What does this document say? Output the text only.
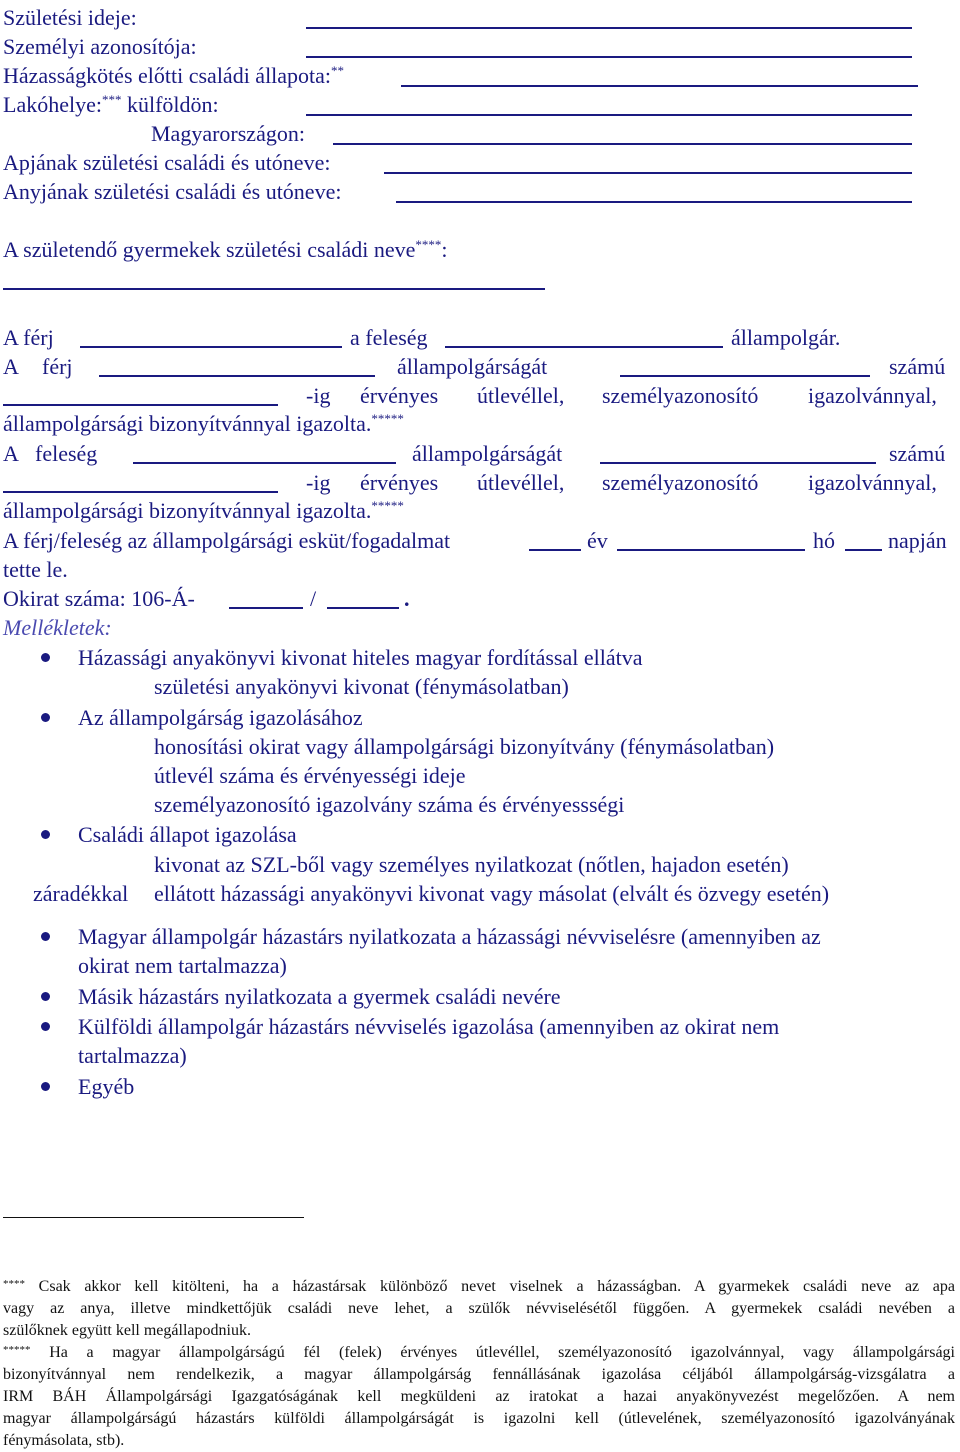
Születési ideje:
Személyi azonosítója:
Házasságkötés előtti családi állapota:**
Lakóhelye:*** külföldön:
Magyarországon:
Apjának születési családi és utóneve:
Anyjának születési családi és utóneve:
A születendő gyermekek születési családi neve****:
A férj	a feleség	állampolgár.
A férj	állampolgárságát	számú
-ig érvényes útlevéllel, személyazonosító igazolvánnyal,
állampolgársági bizonyítvánnyal igazolta.*****
A feleség	állampolgárságát	számú
-ig érvényes útlevéllel, személyazonosító igazolvánnyal,
állampolgársági bizonyítvánnyal igazolta.*****
A férj/feleség az állampolgársági esküt/fogadalmat	év	hó napján
tette le.
Okirat száma: 106-Á-	/	.
Mellékletek:
Házassági anyakönyvi kivonat hiteles magyar fordítással ellátva
születési anyakönyvi kivonat (fénymásolatban)
Az állampolgárság igazolásához
honosítási okirat vagy állampolgársági bizonyítvány (fénymásolatban)
útlevél száma és érvényességi ideje
személyazonosító igazolvány száma és érvényessségi
Családi állapot igazolása
kivonat az SZL-ből vagy személyes nyilatkozat (nőtlen, hajadon esetén)
záradékkal ellátott házassági anyakönyvi kivonat vagy másolat (elvált és özvegy esetén)
Magyar állampolgár házastárs nyilatkozata a házassági névviselésre (amennyiben az
okirat nem tartalmazza)
Másik házastárs nyilatkozata a gyermek családi nevére
Külföldi állampolgár házastárs névviselés igazolása (amennyiben az okirat nem
tartalmazza)
Egyéb
**** Csak akkor kell kitölteni, ha a házastársak különböző nevet viselnek a házasságban. A gyarmekek családi neve az apa
vagy az anya, illetve mindkettőjük családi neve lehet, a szülők névviselésétől függően. A gyermekek családi nevében a
szülőknek együtt kell megállapodniuk.
***** Ha a magyar állampolgárságú fél (felek) érvényes útlevéllel, személyazonosító igazolvánnyal, vagy állampolgársági
bizonyítvánnyal nem rendelkezik, a magyar állampolgárság fennállásának igazolása céljából állampolgárság-vizsgálatra a
IRM BÁH Állampolgársági Igazgatóságának kell megküldeni az iratokat a hazai anyakönyvezést megelőzően. A nem
magyar állampolgárságú házastárs külföldi állampolgárságát is igazolni kell (útlevelének, személyazonosító igazolványának
fénymásolata, stb).
